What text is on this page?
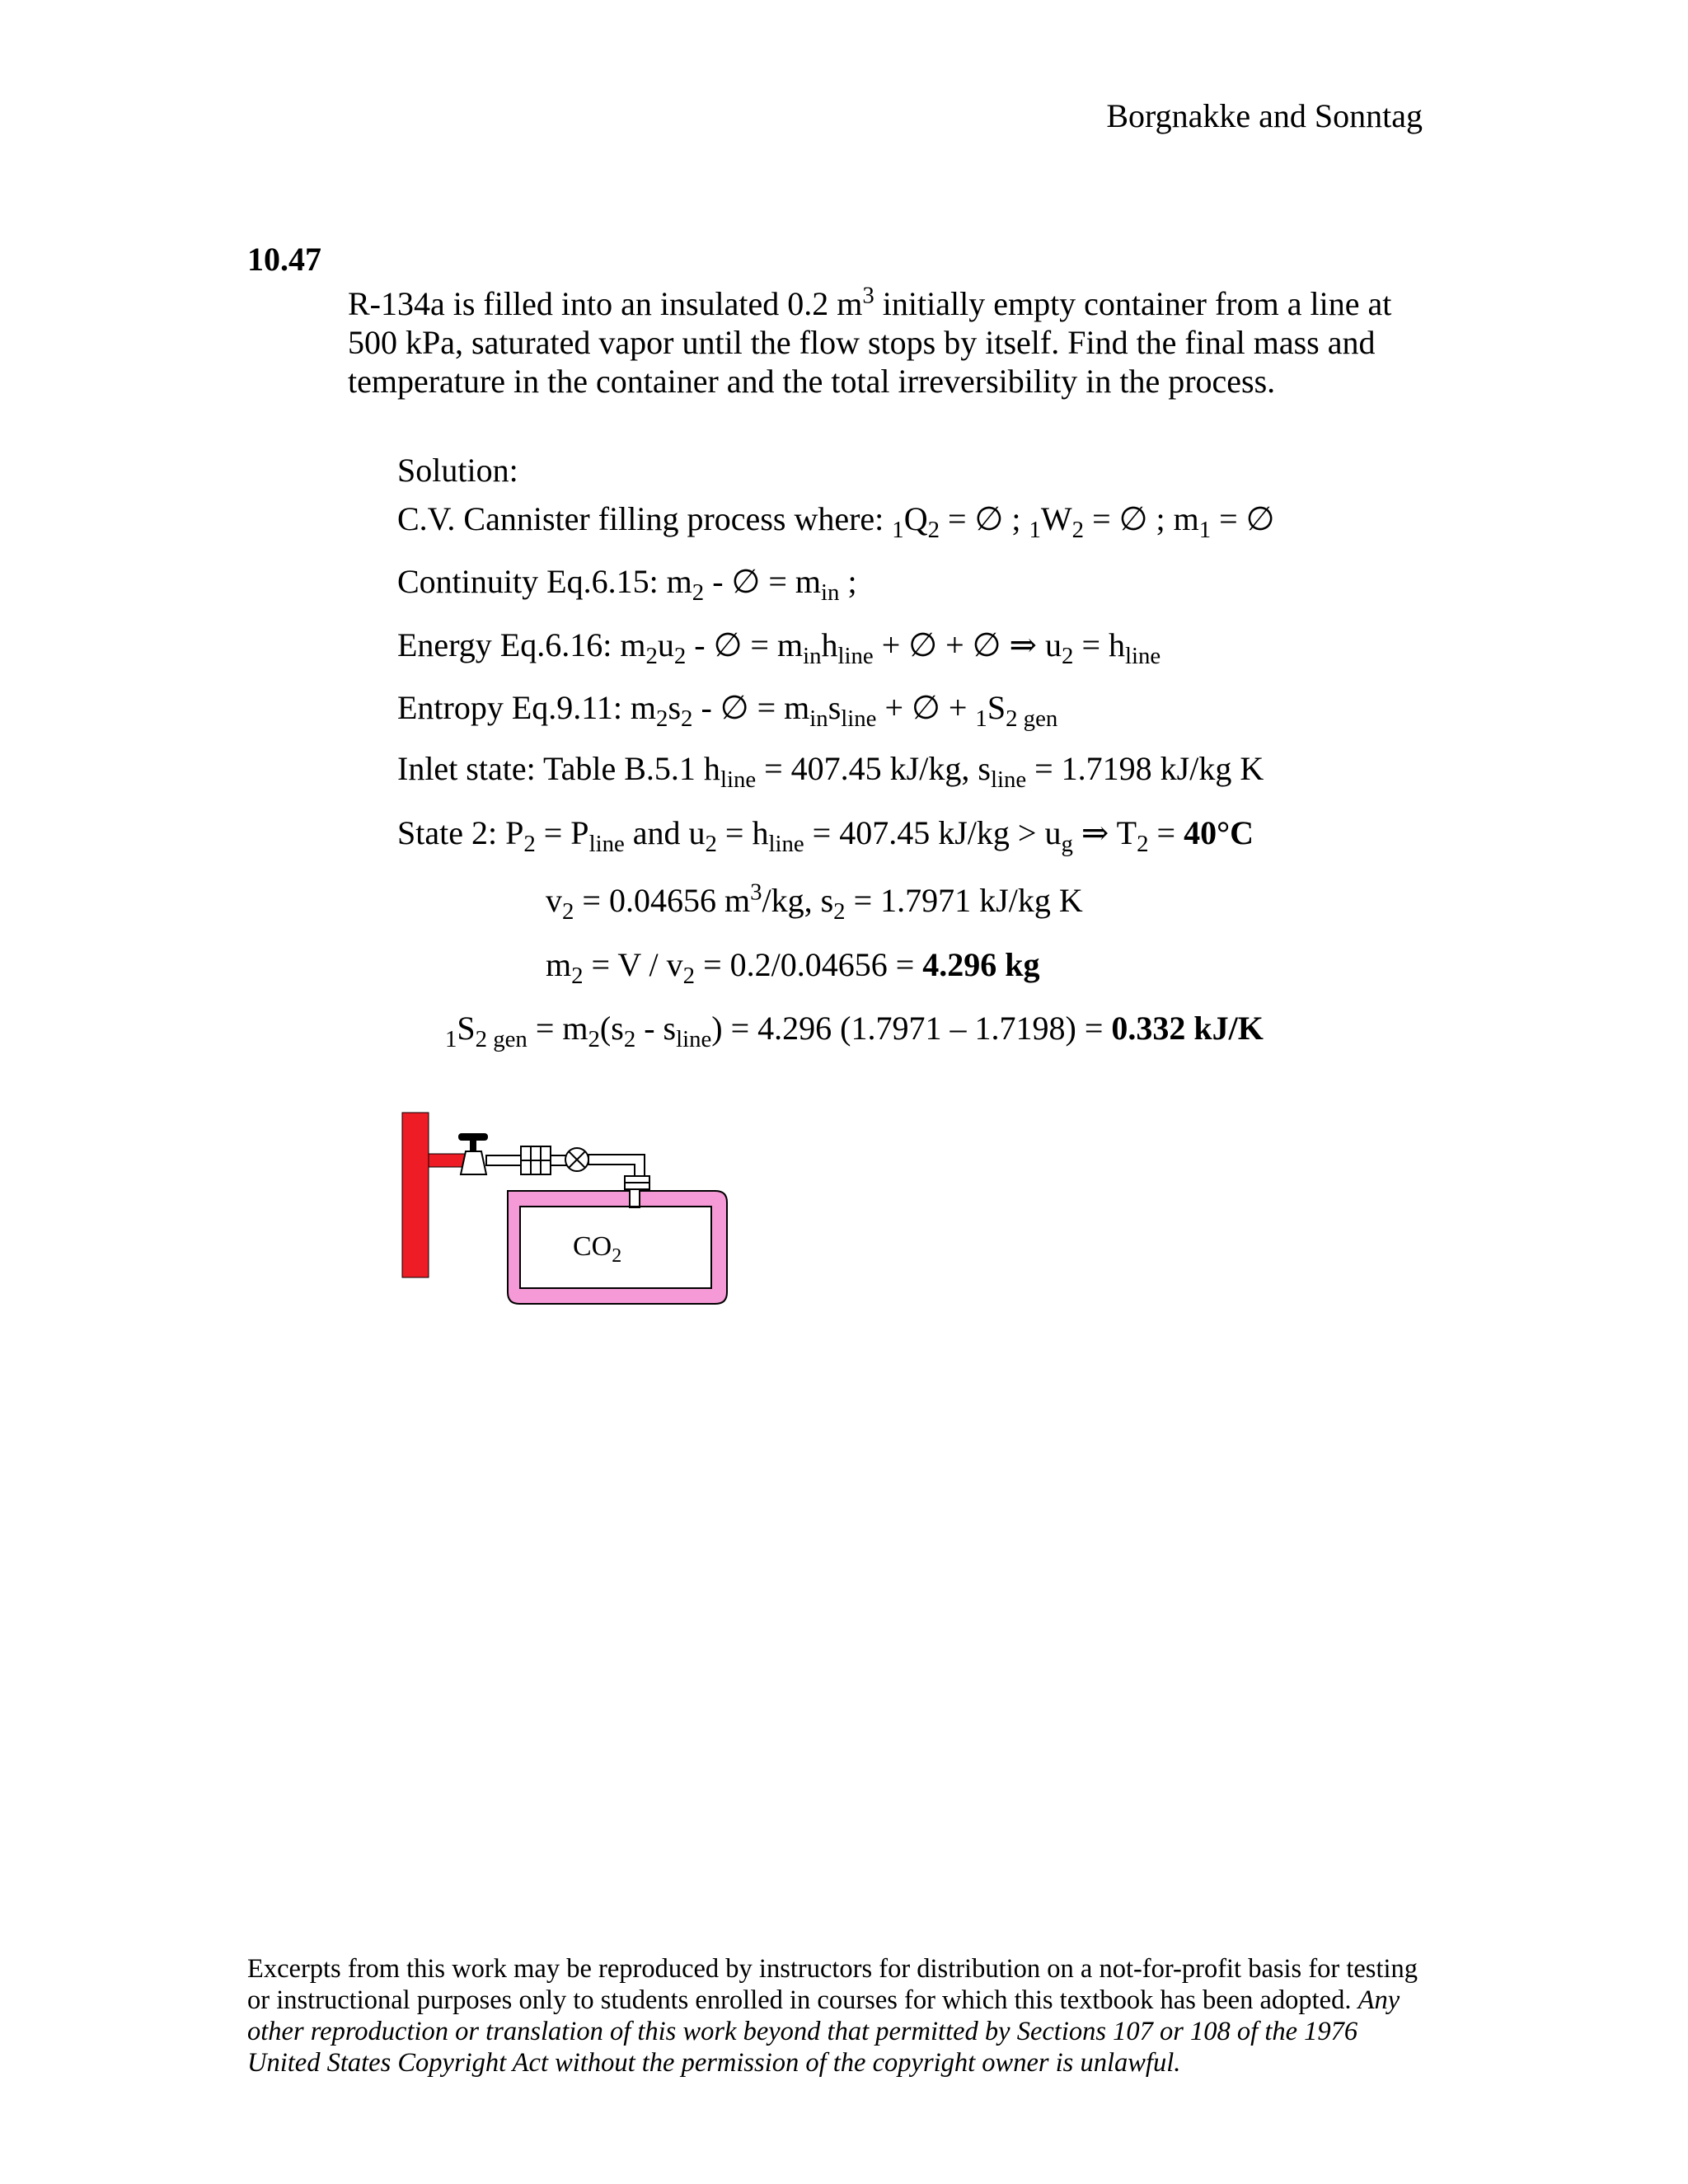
Borgnakke and Sonntag
10.47
R-134a is filled into an insulated 0.2 $m^3$ initially empty container from a line at 500 kPa, saturated vapor until the flow stops by itself. Find the final mass and temperature in the container and the total irreversibility in the process.
Solution:
C.V. Cannister filling process where: $_1Q_2$ = ∅ ; $_1W_2$ = ∅ ; $m_1$ = ∅
Continuity Eq.6.15: $m_2$ - ∅ = $m_{in}$ ;
Energy Eq.6.16: $m_2u_2$ - ∅ = $m_{in}h_{line}$ + ∅ + ∅ ⇒ $u_2 = h_{line}$
Entropy Eq.9.11: $m_2s_2$ - ∅ = $m_{in}s_{line}$ + ∅ + $_1S_{2 gen}$
Inlet state: Table B.5.1 $h_{line} = 407.45$ kJ/kg, $s_{line} = 1.7198$ kJ/kg K
State 2: $P_2 = P_{line}$ and $u_2 = h_{line} = 407.45$ $kJ/kg > u_g$ ⇒ $T_2 = 40^\circ C$
$v_2 = 0.04656$ $m^3/kg$, $s_2 = 1.7971$ kJ/kg K
$m_2 = V / v_2 = 0.2/0.04656 = 4.296$ kg
$_1S_{2 gen} = m_2(s_2 - s_{line}) = 4.296$ (1.7971 – 1.7198) = 0.332 kJ/K
$CO_2$
Excerpts from this work may be reproduced by instructors for distribution on a not-for-profit basis for testing or instructional purposes only to students enrolled in courses for which this textbook has been adopted. Any other reproduction or translation of this work beyond that permitted by Sections 107 or 108 of the 1976 United States Copyright Act without the permission of the copyright owner is unlawful.
